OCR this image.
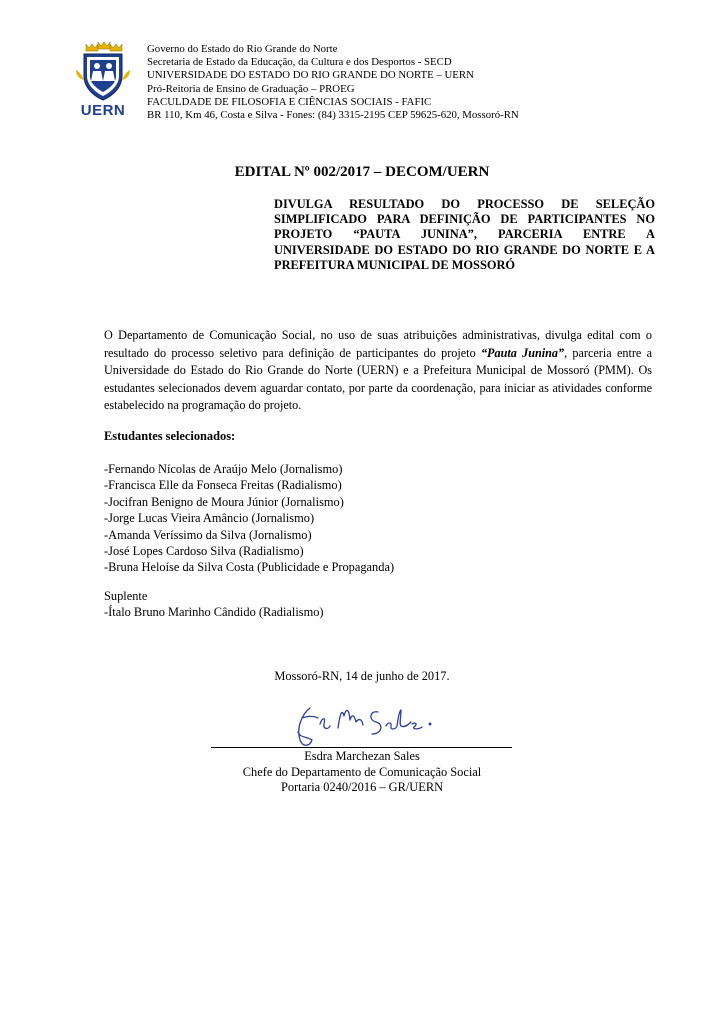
UERN
Governo do Estado do Rio Grande do Norte
Secretaria de Estado da Educação, da Cultura e dos Desportos - SECD
UNIVERSIDADE DO ESTADO DO RIO GRANDE DO NORTE – UERN
Pró-Reitoria de Ensino de Graduação – PROEG
FACULDADE DE FILOSOFIA E CIÊNCIAS SOCIAIS - FAFIC
BR 110, Km 46, Costa e Silva - Fones: (84) 3315-2195 CEP 59625-620, Mossoró-RN
EDITAL Nº 002/2017 – DECOM/UERN
DIVULGA RESULTADO DO PROCESSO DE SELEÇÃO SIMPLIFICADO PARA DEFINIÇÃO DE PARTICIPANTES NO PROJETO “PAUTA JUNINA”, PARCERIA ENTRE A UNIVERSIDADE DO ESTADO DO RIO GRANDE DO NORTE E A PREFEITURA MUNICIPAL DE MOSSORÓ
O Departamento de Comunicação Social, no uso de suas atribuições administrativas, divulga edital com o resultado do processo seletivo para definição de participantes do projeto “Pauta Junina”, parceria entre a Universidade do Estado do Rio Grande do Norte (UERN) e a Prefeitura Municipal de Mossoró (PMM). Os estudantes selecionados devem aguardar contato, por parte da coordenação, para iniciar as atividades conforme estabelecido na programação do projeto.
Estudantes selecionados:
-Fernando Nícolas de Araújo Melo (Jornalismo)
-Francisca Elle da Fonseca Freitas (Radialismo)
-Jocifran Benigno de Moura Júnior (Jornalismo)
-Jorge Lucas Vieira Amâncio (Jornalismo)
-Amanda Veríssimo da Silva (Jornalismo)
-José Lopes Cardoso Silva (Radialismo)
-Bruna Heloíse da Silva Costa (Publicidade e Propaganda)
Suplente
-Ítalo Bruno Marinho Cândido (Radialismo)
Mossoró-RN, 14 de junho de 2017.
Esdra Marchezan Sales
Chefe do Departamento de Comunicação Social
Portaria 0240/2016 – GR/UERN
